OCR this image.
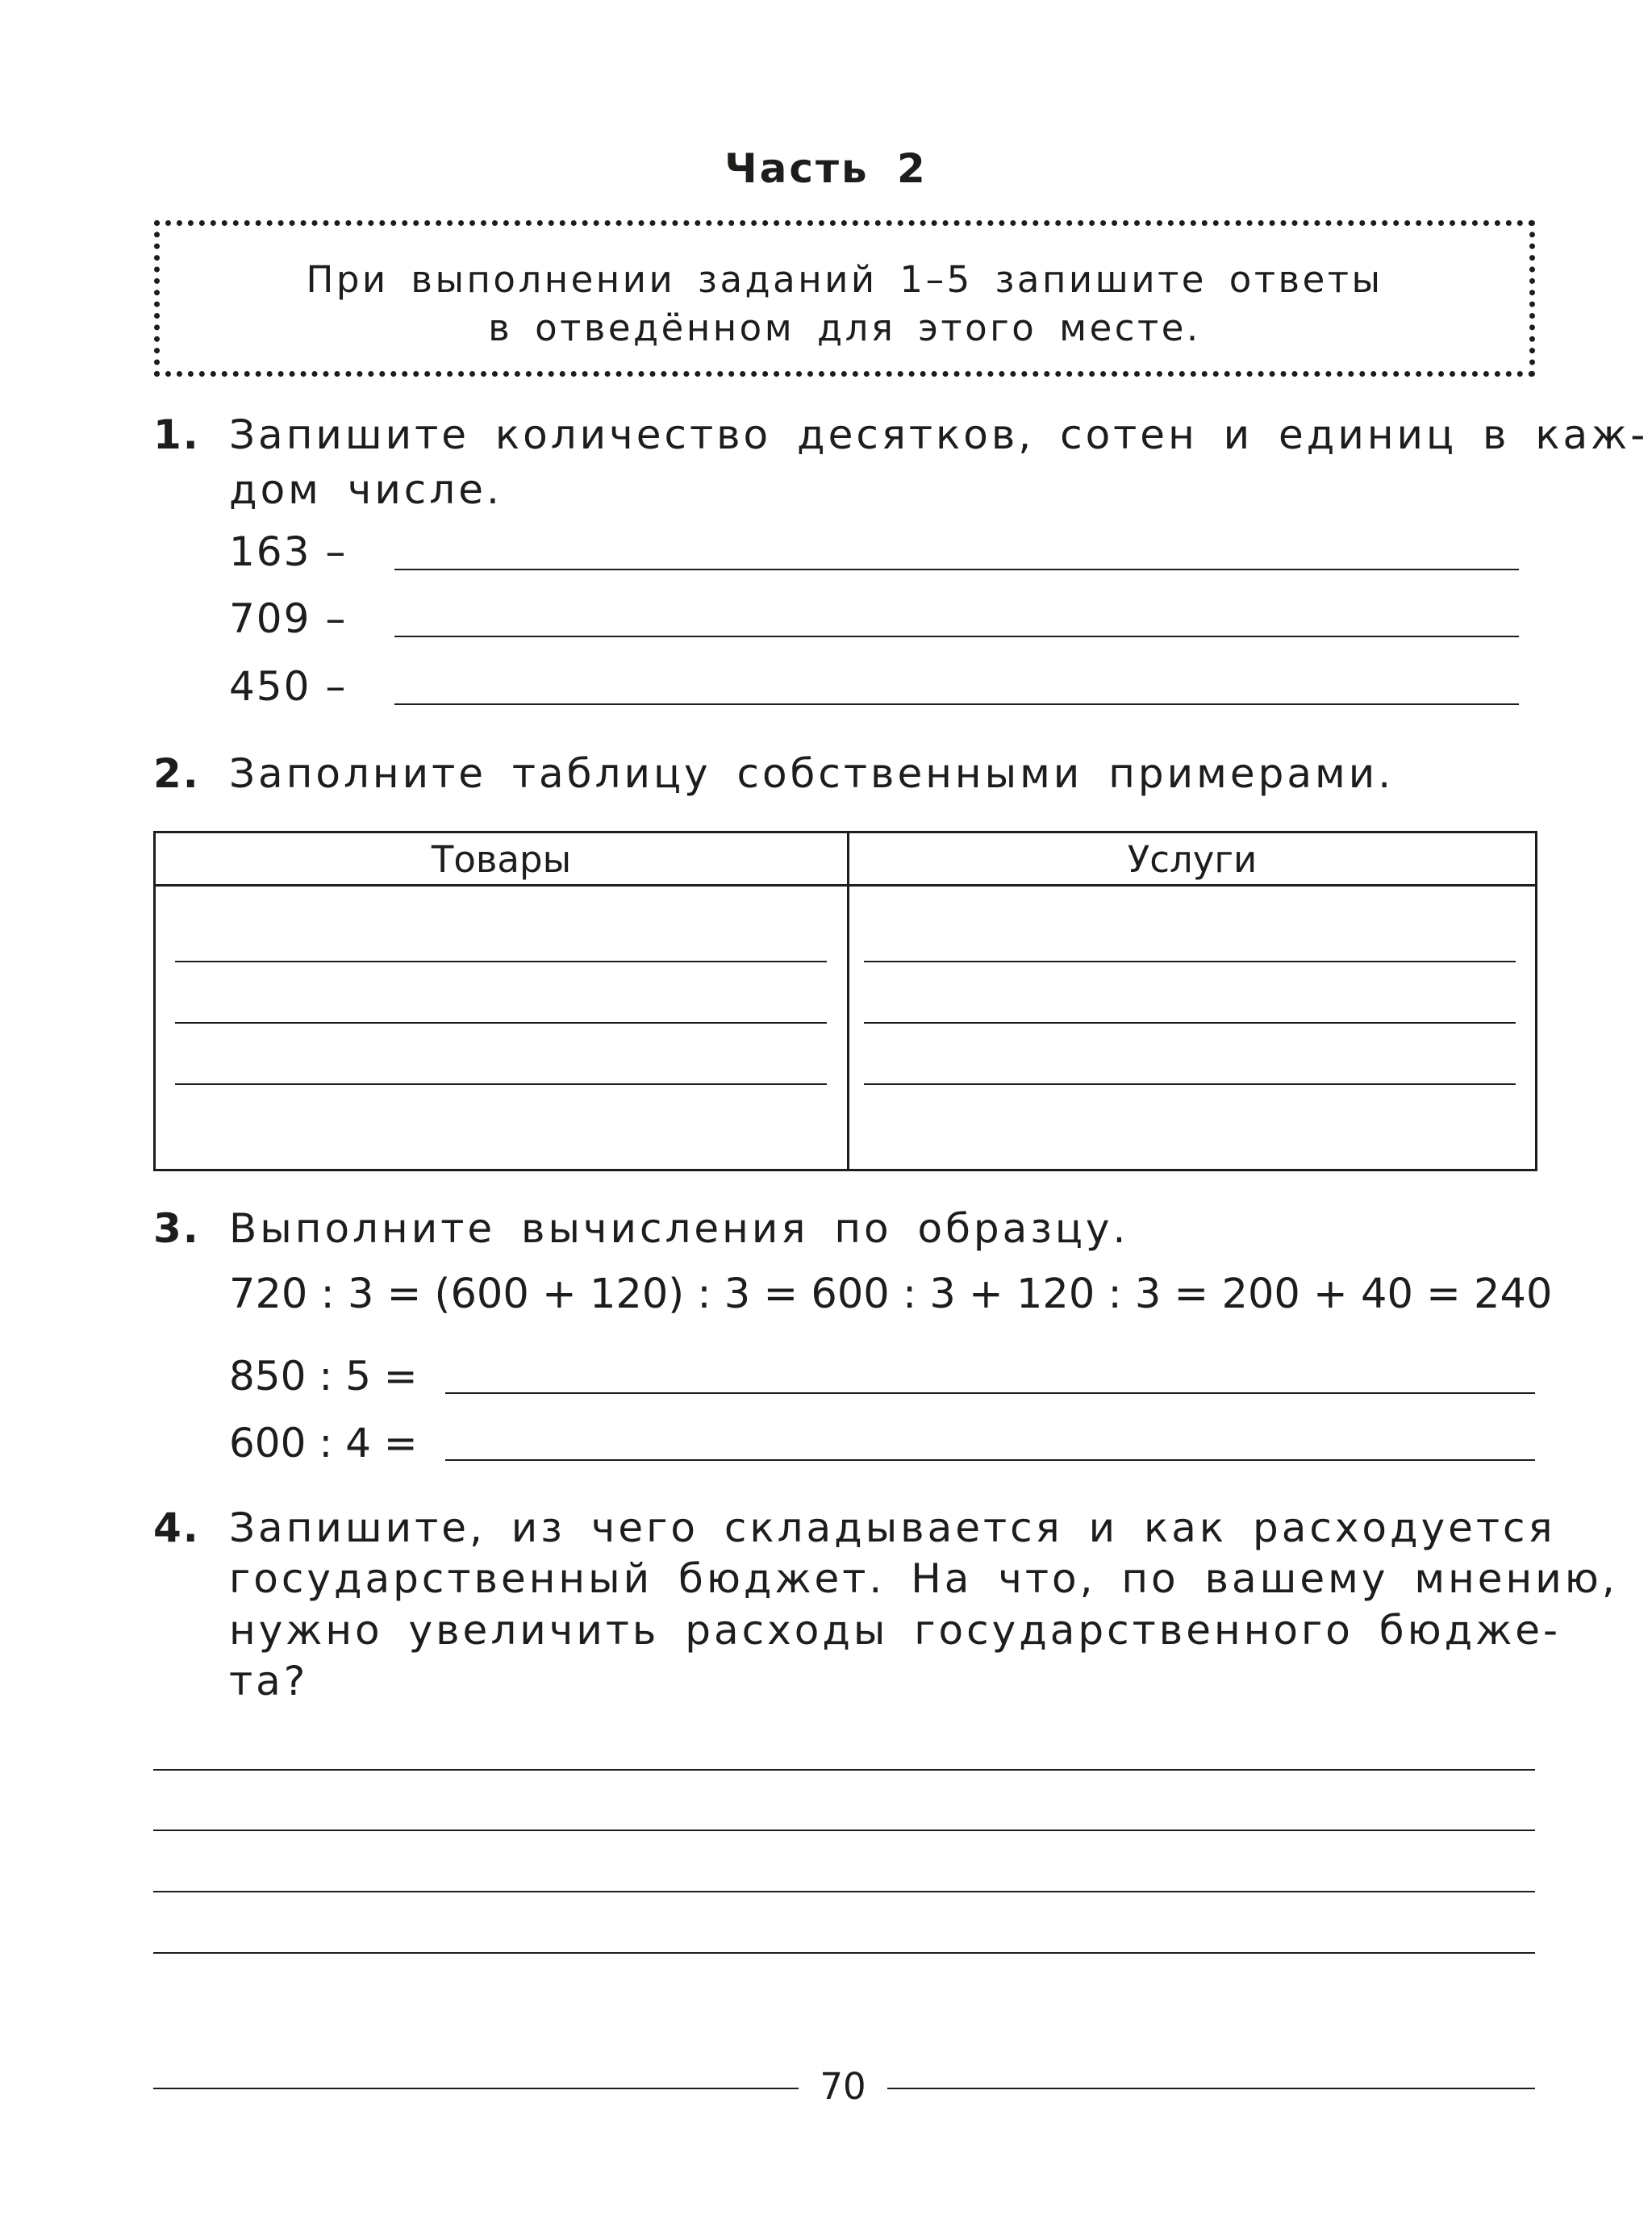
Часть 2
При выполнении заданий 1–5 запишите ответы
в отведённом для этого месте.
1. Запишите количество десятков, сотен и единиц в каж-
дом числе.
163 –
709 –
450 –
2. Заполните таблицу собственными примерами.
Товары	Услуги
3. Выполните вычисления по образцу.
720 : 3 = (600 + 120) : 3 = 600 : 3 + 120 : 3 = 200 + 40 = 240
850 : 5 =
600 : 4 =
4. Запишите, из чего складывается и как расходуется
государственный бюджет. На что, по вашему мнению,
нужно увеличить расходы государственного бюдже-
та?
70
